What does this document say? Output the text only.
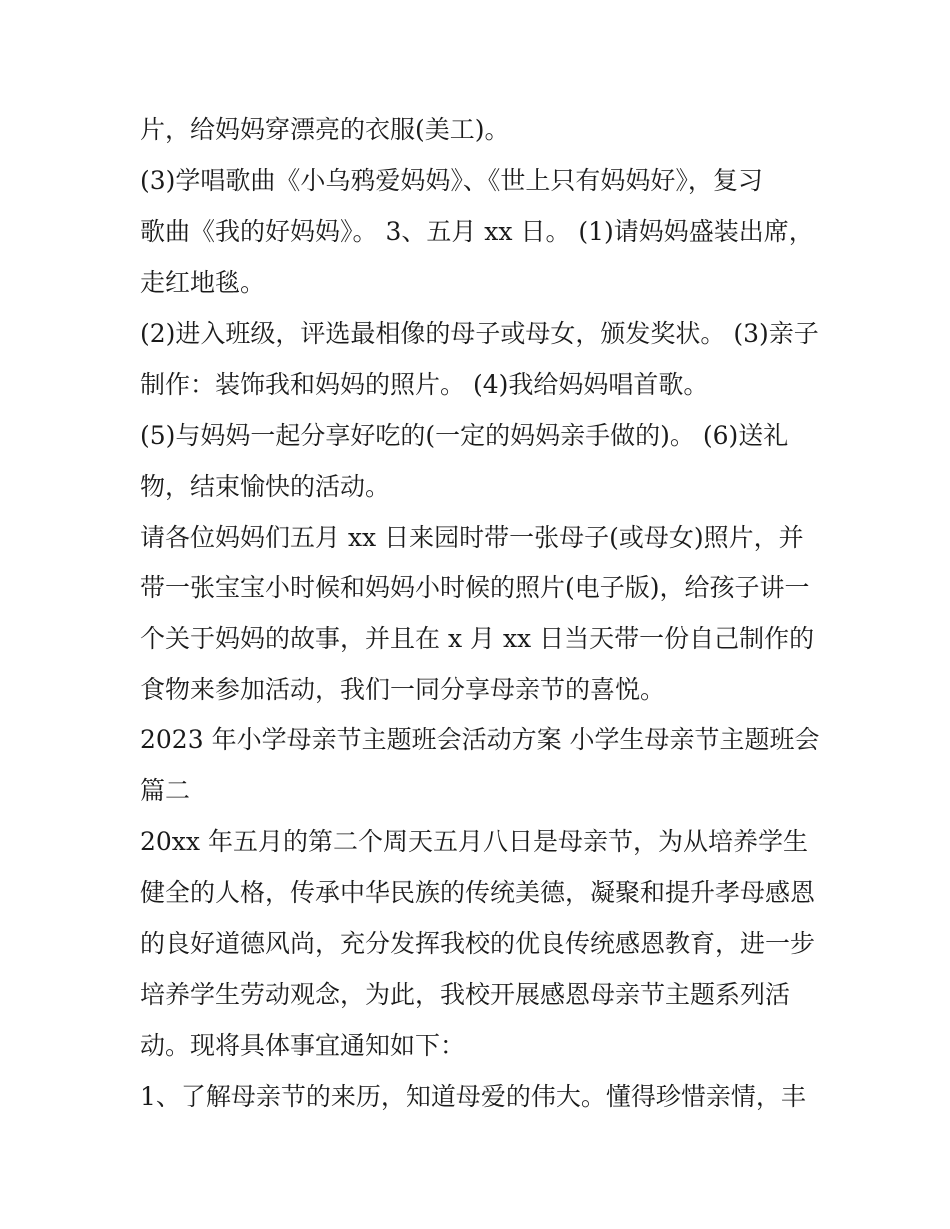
片，给妈妈穿漂亮的衣服(美工)。
(3)学唱歌曲《小乌鸦爱妈妈》、《世上只有妈妈好》，复习
歌曲《我的好妈妈》。 3、五月 xx 日。 (1)请妈妈盛装出席，
走红地毯。
(2)进入班级，评选最相像的母子或母女，颁发奖状。 (3)亲子
制作：装饰我和妈妈的照片。 (4)我给妈妈唱首歌。
(5)与妈妈一起分享好吃的(一定的妈妈亲手做的)。 (6)送礼
物，结束愉快的活动。
请各位妈妈们五月 xx 日来园时带一张母子(或母女)照片，并
带一张宝宝小时候和妈妈小时候的照片(电子版)，给孩子讲一
个关于妈妈的故事，并且在 x 月 xx 日当天带一份自己制作的
食物来参加活动，我们一同分享母亲节的喜悦。
2023 年小学母亲节主题班会活动方案 小学生母亲节主题班会
篇二
20xx 年五月的第二个周天五月八日是母亲节，为从培养学生
健全的人格，传承中华民族的传统美德，凝聚和提升孝母感恩
的良好道德风尚，充分发挥我校的优良传统感恩教育，进一步
培养学生劳动观念，为此，我校开展感恩母亲节主题系列活
动。现将具体事宜通知如下：
1、了解母亲节的来历，知道母爱的伟大。懂得珍惜亲情，丰
